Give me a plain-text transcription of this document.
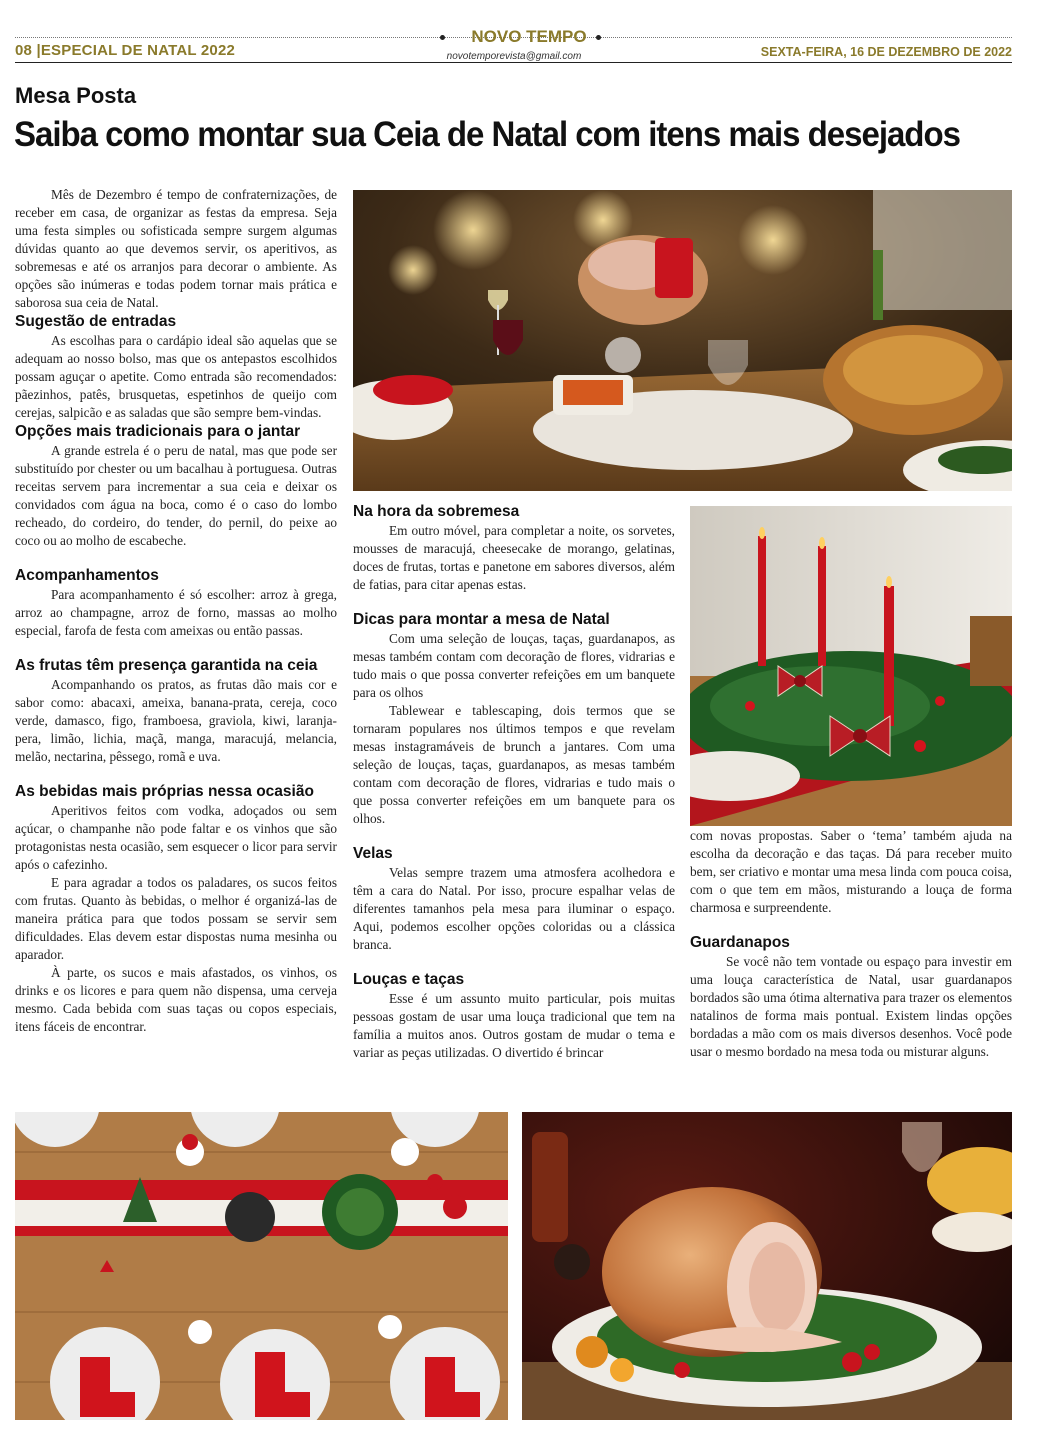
08 |ESPECIAL DE NATAL 2022
NOVO TEMPO
novotemporevista@gmail.com	SEXTA-FEIRA, 16 DE DEZEMBRO DE 2022
Mesa Posta
Saiba como montar sua Ceia de Natal com itens mais desejados

Mês de Dezembro é tempo de confraternizações, de receber em casa, de organizar as festas da empresa. Seja uma festa simples ou sofisticada sempre surgem algumas dúvidas quanto ao que devemos servir, os aperitivos, as sobremesas e até os arranjos para decorar o ambiente. As opções são inúmeras e todas podem tornar mais prática e saborosa sua ceia de Natal.

Sugestão de entradas

As escolhas para o cardápio ideal são aquelas que se adequam ao nosso bolso, mas que os antepastos escolhidos possam aguçar o apetite. Como entrada são recomendados: pãezinhos, patês, brusquetas, espetinhos de queijo com cerejas, salpicão e as saladas que são sempre bem-vindas.

Opções mais tradicionais para o jantar

A grande estrela é o peru de natal, mas que pode ser substituído por chester ou um bacalhau à portuguesa. Outras receitas servem para incrementar a sua ceia e deixar os convidados com água na boca, como é o caso do lombo recheado, do cordeiro, do tender, do pernil, do peixe ao coco ou ao molho de escabeche.

Acompanhamentos

Para acompanhamento é só escolher: arroz à grega, arroz ao champagne, arroz de forno, massas ao molho especial, farofa de festa com ameixas ou então passas.

As frutas têm presença garantida na ceia

Acompanhando os pratos, as frutas dão mais cor e sabor como: abacaxi, ameixa, banana-prata, cereja, coco verde, damasco, figo, framboesa, graviola, kiwi, laranja-pera, limão, lichia, maçã, manga, maracujá, melancia, melão, nectarina, pêssego, romã e uva.

As bebidas mais próprias nessa ocasião

Aperitivos feitos com vodka, adoçados ou sem açúcar, o champanhe não pode faltar e os vinhos que são protagonistas nesta ocasião, sem esquecer o licor para servir após o cafezinho.

E para agradar a todos os paladares, os sucos feitos com frutas. Quanto às bebidas, o melhor é organizá-las de maneira prática para que todos possam se servir sem dificuldades. Elas devem estar dispostas numa mesinha ou aparador.

À parte, os sucos e mais afastados, os vinhos, os drinks e os licores e para quem não dispensa, uma cerveja mesmo. Cada bebida com suas taças ou copos especiais, itens fáceis de encontrar.

Na hora da sobremesa

Em outro móvel, para completar a noite, os sorvetes, mousses de maracujá, cheesecake de morango, gelatinas, doces de frutas, tortas e panetone em sabores diversos, além de fatias, para citar apenas estas.

Dicas para montar a mesa de Natal

Com uma seleção de louças, taças, guardanapos, as mesas também contam com decoração de flores, vidrarias e tudo mais o que possa converter refeições em um banquete para os olhos

Tablewear e tablescaping, dois termos que se tornaram populares nos últimos tempos e que revelam mesas instagramáveis de brunch a jantares. Com uma seleção de louças, taças, guardanapos, as mesas também contam com decoração de flores, vidrarias e tudo mais o que possa converter refeições em um banquete para os olhos.

Velas

Velas sempre trazem uma atmosfera acolhedora e têm a cara do Natal. Por isso, procure espalhar velas de diferentes tamanhos pela mesa para iluminar o espaço. Aqui, podemos escolher opções coloridas ou a clássica branca.

Louças e taças

Esse é um assunto muito particular, pois muitas pessoas gostam de usar uma louça tradicional que tem na família a muitos anos. Outros gostam de mudar o tema e variar as peças utilizadas. O divertido é brincar

com novas propostas. Saber o ‘tema’ também ajuda na escolha da decoração e das taças. Dá para receber muito bem, ser criativo e montar uma mesa linda com pouca coisa, com o que tem em mãos, misturando a louça de forma charmosa e surpreendente.

Guardanapos

Se você não tem vontade ou espaço para investir em uma louça característica de Natal, usar guardanapos bordados são uma ótima alternativa para trazer os elementos natalinos de forma mais pontual. Existem lindas opções bordadas a mão com os mais diversos desenhos. Você pode usar o mesmo bordado na mesa toda ou misturar alguns.
